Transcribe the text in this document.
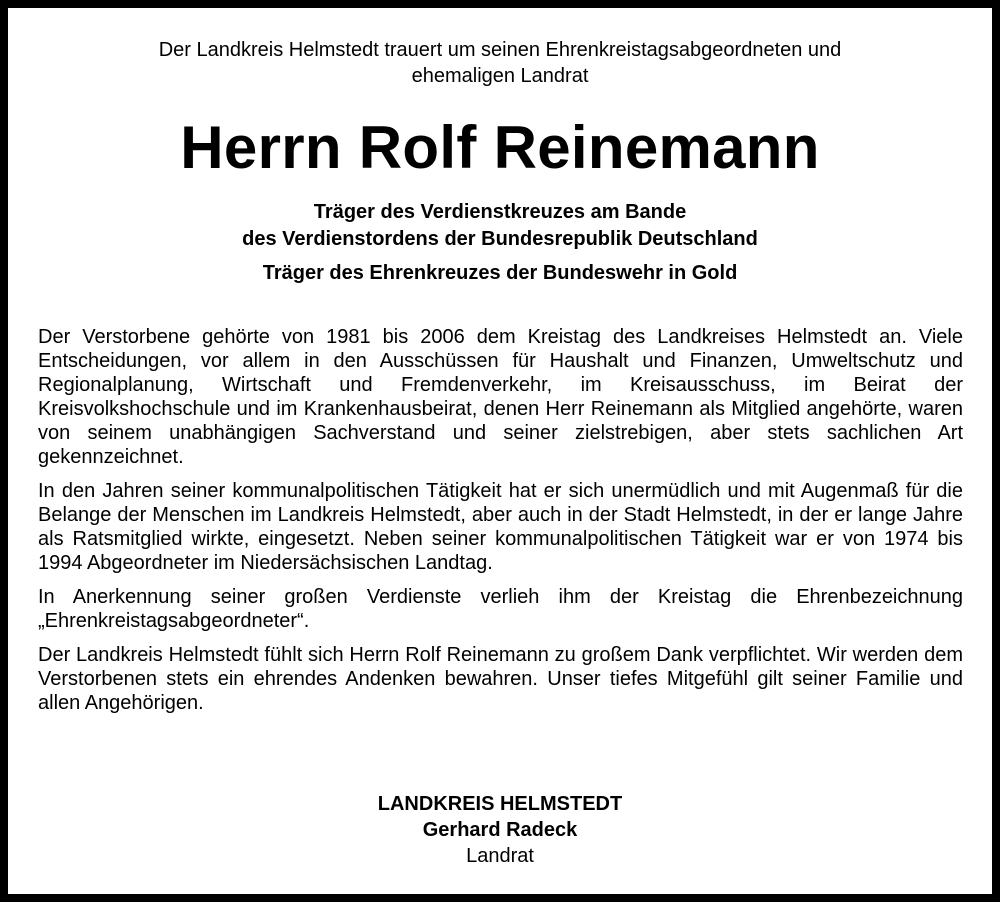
Der Landkreis Helmstedt trauert um seinen Ehrenkreistagsabgeordneten und
ehemaligen Landrat
Herrn Rolf Reinemann
Träger des Verdienstkreuzes am Bande
des Verdienstordens der Bundesrepublik Deutschland
Träger des Ehrenkreuzes der Bundeswehr in Gold

Der Verstorbene gehörte von 1981 bis 2006 dem Kreistag des Landkreises Helmstedt an. Viele Entscheidungen, vor allem in den Ausschüssen für Haushalt und Finanzen, Umweltschutz und Regionalplanung, Wirtschaft und Fremdenverkehr, im Kreisausschuss, im Beirat der Kreisvolkshochschule und im Krankenhausbeirat, denen Herr Reinemann als Mitglied angehörte, waren von seinem unabhängigen Sachverstand und seiner zielstrebigen, aber stets sachlichen Art gekennzeichnet.

In den Jahren seiner kommunalpolitischen Tätigkeit hat er sich unermüdlich und mit Augenmaß für die Belange der Menschen im Landkreis Helmstedt, aber auch in der Stadt Helmstedt, in der er lange Jahre als Ratsmitglied wirkte, eingesetzt. Neben seiner kommunalpolitischen Tätigkeit war er von 1974 bis 1994 Abgeordneter im Niedersächsischen Landtag.

In Anerkennung seiner großen Verdienste verlieh ihm der Kreistag die Ehrenbezeichnung „Ehrenkreistagsabgeordneter“.

Der Landkreis Helmstedt fühlt sich Herrn Rolf Reinemann zu großem Dank verpflichtet. Wir werden dem Verstorbenen stets ein ehrendes Andenken bewahren. Unser tiefes Mitgefühl gilt seiner Familie und allen Angehörigen.

LANDKREIS HELMSTEDT
Gerhard Radeck
Landrat
